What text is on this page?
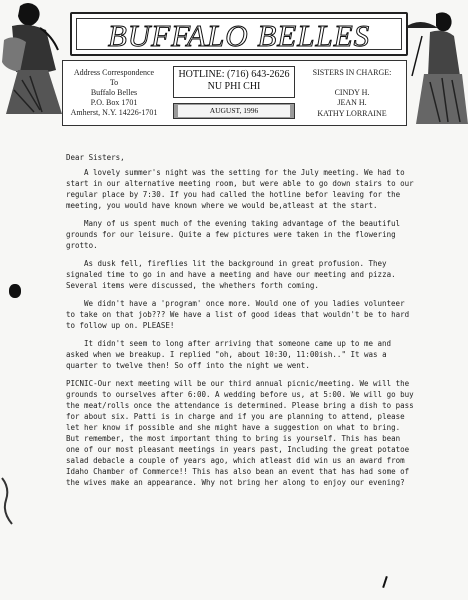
BUFFALO BELLES
Address Correspondence
To
Buffalo Belles
P.O. Box 1701
Amherst, N.Y. 14226-1701
HOTLINE: (716) 643-2626
NU PHI CHI
AUGUST, 1996
SISTERS IN CHARGE:
CINDY H.
JEAN H.
KATHY LORRAINE

Dear Sisters,

A lovely summer's night was the setting for the July meeting. We had to start in our alternative meeting room, but were able to go down stairs to our regular place by 7:30. If you had called the hotline befor leaving for the meeting, you would have known where we would be,atleast at the start.

Many of us spent much of the evening taking advantage of the beautiful grounds for our leisure. Quite a few pictures were taken in the flowering grotto.

As dusk fell, fireflies lit the background in great profusion. They signaled time to go in and have a meeting and have our meeting and pizza. Several items were discussed, the whethers forth coming.

We didn't have a 'program' once more. Would one of you ladies volunteer to take on that job??? We have a list of good ideas that wouldn't be to hard to follow up on. PLEASE!

It didn't seem to long after arriving that someone came up to me and asked when we breakup. I replied "oh, about 10:30, 11:00ish.." It was a quarter to twelve then! So off into the night we went.

PICNIC-Our next meeting will be our third annual picnic/meeting. We will the grounds to ourselves after 6:00. A wedding before us, at 5:00. We will go buy the meat/rolls once the attendance is determined. Please bring a dish to pass for about six. Patti is in charge and if you are planning to attend, please let her know if possible and she might have a suggestion on what to bring. But remember, the most important thing to bring is yourself. This has bean one of our most pleasant meetings in years past, Including the great potatoe salad debacle a couple of years ago, which atleast did win us an award from Idaho Chamber of Commerce!! This has also bean an event that has had some of the wives make an appearance. Why not bring her along to enjoy our evening?
